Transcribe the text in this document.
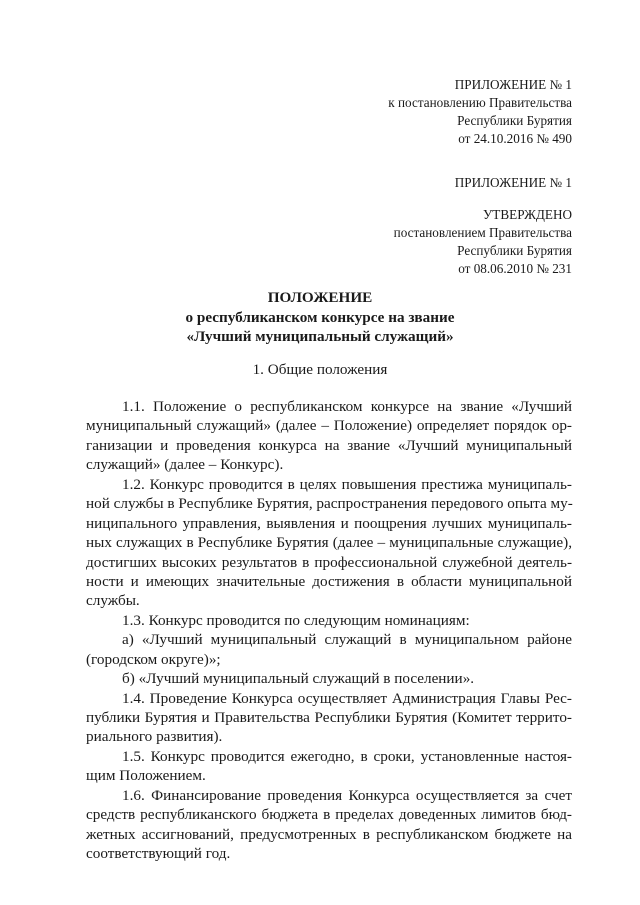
ПРИЛОЖЕНИЕ № 1
к постановлению Правительства
Республики Бурятия
от 24.10.2016 № 490
ПРИЛОЖЕНИЕ № 1
УТВЕРЖДЕНО
постановлением Правительства
Республики Бурятия
от 08.06.2010 № 231
ПОЛОЖЕНИЕ
о республиканском конкурсе на звание
«Лучший муниципальный служащий»
1. Общие положения
1.1. Положение о республиканском конкурсе на звание «Лучший
муниципальный служащий» (далее – Положение) определяет порядок ор-
ганизации и проведения конкурса на звание «Лучший муниципальный
служащий» (далее – Конкурс).
1.2. Конкурс проводится в целях повышения престижа муниципаль-
ной службы в Республике Бурятия, распространения передового опыта му-
ниципального управления, выявления и поощрения лучших муниципаль-
ных служащих в Республике Бурятия (далее – муниципальные служащие),
достигших высоких результатов в профессиональной служебной деятель-
ности и имеющих значительные достижения в области муниципальной
службы.
1.3. Конкурс проводится по следующим номинациям:
а) «Лучший муниципальный служащий в муниципальном районе
(городском округе)»;
б) «Лучший муниципальный служащий в поселении».
1.4. Проведение Конкурса осуществляет Администрация Главы Рес-
публики Бурятия и Правительства Республики Бурятия (Комитет террито-
риального развития).
1.5. Конкурс проводится ежегодно, в сроки, установленные настоя-
щим Положением.
1.6. Финансирование проведения Конкурса осуществляется за счет
средств республиканского бюджета в пределах доведенных лимитов бюд-
жетных ассигнований, предусмотренных в республиканском бюджете на
соответствующий год.
